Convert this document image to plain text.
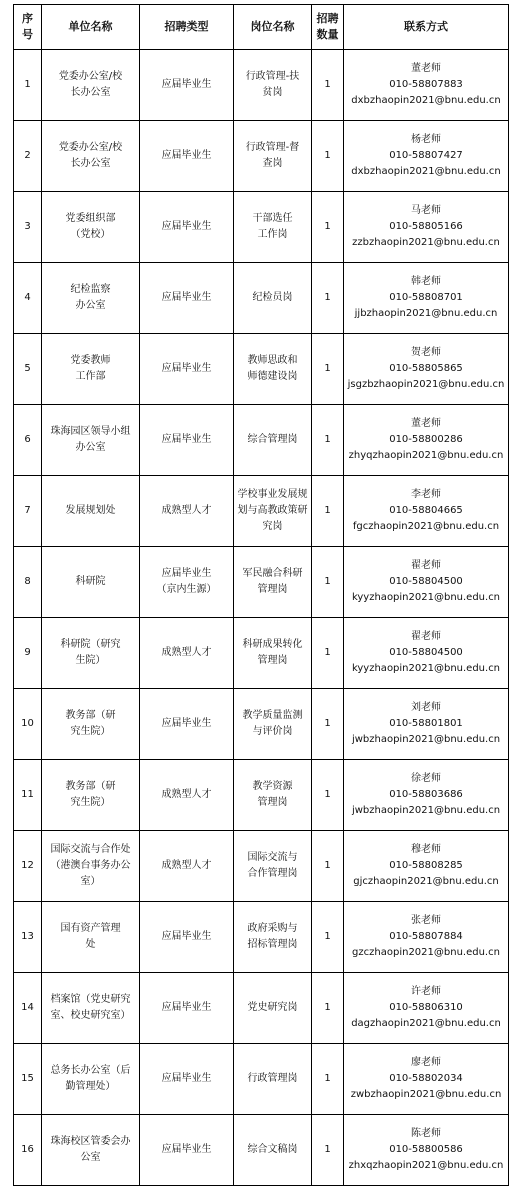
序号	单位名称	招聘类型	岗位名称	招聘数量	联系方式
1	党委办公室/校长办公室	应届毕业生	行政管理-扶贫岗	1	董老师
010-58807883
dxbzhaopin2021@bnu.edu.cn

2	党委办公室/校长办公室	应届毕业生	行政管理-督查岗	1	杨老师
010-58807427
dxbzhaopin2021@bnu.edu.cn

3	党委组织部（党校）	应届毕业生	干部选任工作岗	1	马老师
010-58805166
zzbzhaopin2021@bnu.edu.cn

4	纪检监察办公室	应届毕业生	纪检员岗	1	韩老师
010-58808701
jjbzhaopin2021@bnu.edu.cn

5	党委教师工作部	应届毕业生	教师思政和师德建设岗	1	贺老师
010-58805865
jsgzbzhaopin2021@bnu.edu.cn

6	珠海园区领导小组办公室	应届毕业生	综合管理岗	1	董老师
010-58800286
zhyqzhaopin2021@bnu.edu.cn

7	发展规划处	成熟型人才	学校事业发展规划与高教政策研究岗	1	李老师
010-58804665
fgczhaopin2021@bnu.edu.cn

8	科研院	应届毕业生（京内生源）	军民融合科研管理岗	1	翟老师
010-58804500
kyyzhaopin2021@bnu.edu.cn

9	科研院（研究生院）	成熟型人才	科研成果转化管理岗	1	翟老师
010-58804500
kyyzhaopin2021@bnu.edu.cn

10	教务部（研究生院）	应届毕业生	教学质量监测与评价岗	1	刘老师
010-58801801
jwbzhaopin2021@bnu.edu.cn

11	教务部（研究生院）	成熟型人才	教学资源管理岗	1	徐老师
010-58803686
jwbzhaopin2021@bnu.edu.cn

12	国际交流与合作处（港澳台事务办公室）	成熟型人才	国际交流与合作管理岗	1	穆老师
010-58808285
gjczhaopin2021@bnu.edu.cn

13	国有资产管理处	应届毕业生	政府采购与招标管理岗	1	张老师
010-58807884
gzczhaopin2021@bnu.edu.cn

14	档案馆（党史研究室、校史研究室）	应届毕业生	党史研究岗	1	许老师
010-58806310
dagzhaopin2021@bnu.edu.cn

15	总务长办公室（后勤管理处）	应届毕业生	行政管理岗	1	廖老师
010-58802034
zwbzhaopin2021@bnu.edu.cn

16	珠海校区管委会办公室	应届毕业生	综合文稿岗	1	陈老师
010-58800586
zhxqzhaopin2021@bnu.edu.cn
